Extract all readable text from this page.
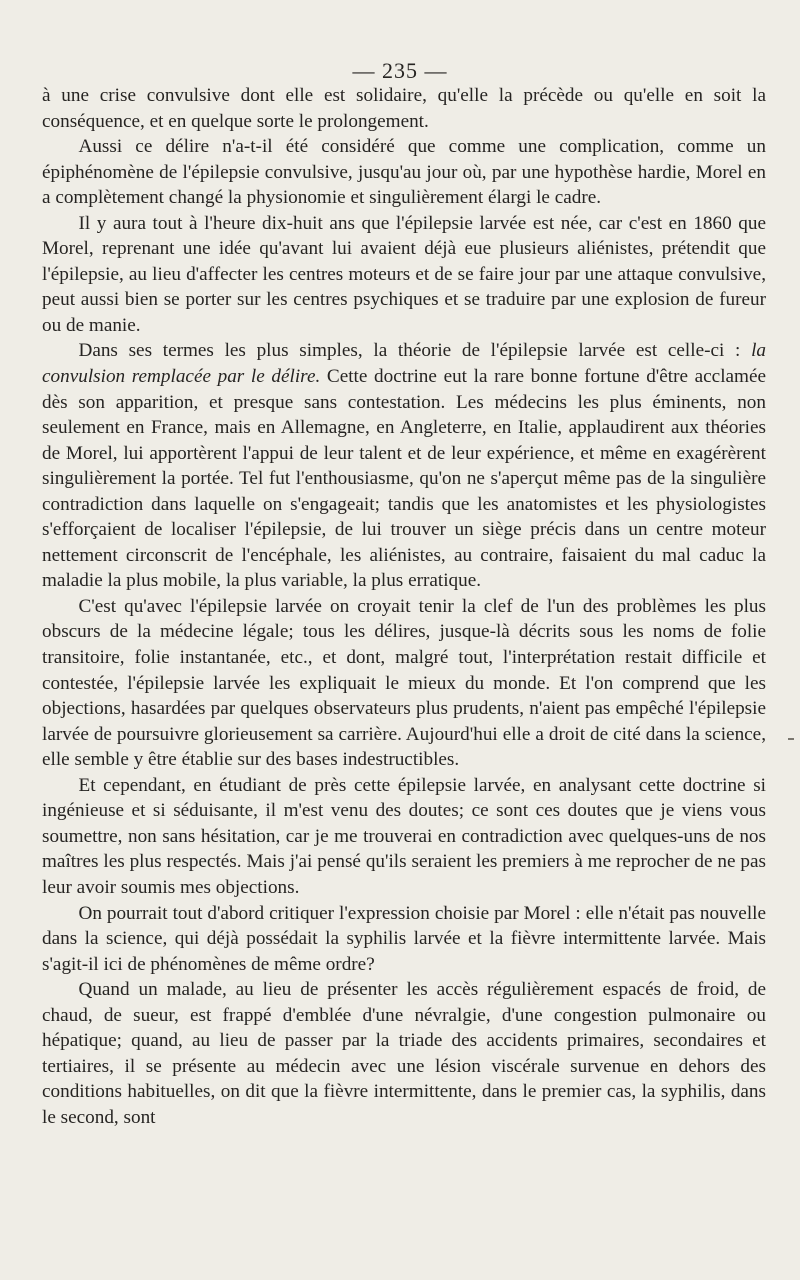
— 235 —

à une crise convulsive dont elle est solidaire, qu'elle la précède ou qu'elle en soit la conséquence, et en quelque sorte le prolongement.

Aussi ce délire n'a-t-il été considéré que comme une complication, comme un épiphénomène de l'épilepsie convulsive, jusqu'au jour où, par une hypothèse hardie, Morel en a complètement changé la physionomie et singulièrement élargi le cadre.

Il y aura tout à l'heure dix-huit ans que l'épilepsie larvée est née, car c'est en 1860 que Morel, reprenant une idée qu'avant lui avaient déjà eue plusieurs aliénistes, prétendit que l'épilepsie, au lieu d'affecter les centres moteurs et de se faire jour par une attaque convulsive, peut aussi bien se porter sur les centres psychiques et se traduire par une explosion de fureur ou de manie.

Dans ses termes les plus simples, la théorie de l'épilepsie larvée est celle-ci : la convulsion remplacée par le délire. Cette doctrine eut la rare bonne fortune d'être acclamée dès son apparition, et presque sans contestation. Les médecins les plus éminents, non seulement en France, mais en Allemagne, en Angleterre, en Italie, applaudirent aux théories de Morel, lui apportèrent l'appui de leur talent et de leur expérience, et même en exagérèrent singulièrement la portée. Tel fut l'enthousiasme, qu'on ne s'aperçut même pas de la singulière contradiction dans laquelle on s'engageait; tandis que les anatomistes et les physiologistes s'efforçaient de localiser l'épilepsie, de lui trouver un siège précis dans un centre moteur nettement circonscrit de l'encéphale, les aliénistes, au contraire, faisaient du mal caduc la maladie la plus mobile, la plus variable, la plus erratique.

C'est qu'avec l'épilepsie larvée on croyait tenir la clef de l'un des problèmes les plus obscurs de la médecine légale; tous les délires, jusque-là décrits sous les noms de folie transitoire, folie instantanée, etc., et dont, malgré tout, l'interprétation restait difficile et contestée, l'épilepsie larvée les expliquait le mieux du monde. Et l'on comprend que les objections, hasardées par quelques observateurs plus prudents, n'aient pas empêché l'épilepsie larvée de poursuivre glorieusement sa carrière. Aujourd'hui elle a droit de cité dans la science, elle semble y être établie sur des bases indestructibles.

Et cependant, en étudiant de près cette épilepsie larvée, en analysant cette doctrine si ingénieuse et si séduisante, il m'est venu des doutes; ce sont ces doutes que je viens vous soumettre, non sans hésitation, car je me trouverai en contradiction avec quelques-uns de nos maîtres les plus respectés. Mais j'ai pensé qu'ils seraient les premiers à me reprocher de ne pas leur avoir soumis mes objections.

On pourrait tout d'abord critiquer l'expression choisie par Morel : elle n'était pas nouvelle dans la science, qui déjà possédait la syphilis larvée et la fièvre intermittente larvée. Mais s'agit-il ici de phénomènes de même ordre?

Quand un malade, au lieu de présenter les accès régulièrement espacés de froid, de chaud, de sueur, est frappé d'emblée d'une névralgie, d'une congestion pulmonaire ou hépatique; quand, au lieu de passer par la triade des accidents primaires, secondaires et tertiaires, il se présente au médecin avec une lésion viscérale survenue en dehors des conditions habituelles, on dit que la fièvre intermittente, dans le premier cas, la syphilis, dans le second, sont
